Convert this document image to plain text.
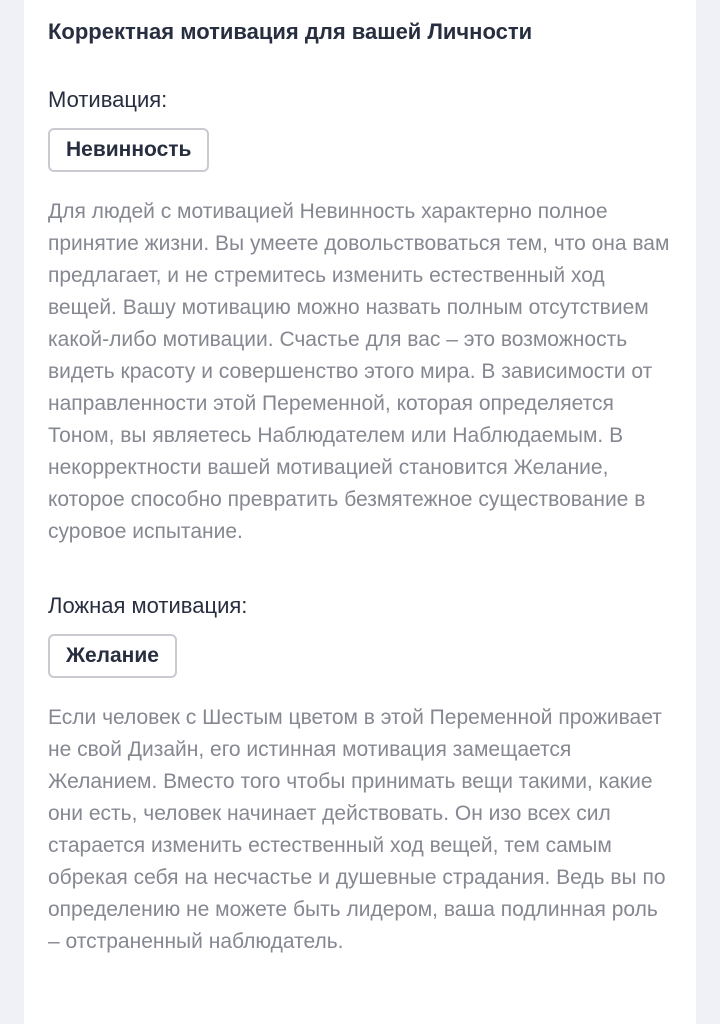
Корректная мотивация для вашей Личности
Мотивация:
Невинность

Для людей с мотивацией Невинность характерно полное принятие жизни. Вы умеете довольствоваться тем, что она вам предлагает, и не стремитесь изменить естественный ход вещей. Вашу мотивацию можно назвать полным отсутствием какой-либо мотивации. Счастье для вас – это возможность видеть красоту и совершенство этого мира. В зависимости от направленности этой Переменной, которая определяется Тоном, вы являетесь Наблюдателем или Наблюдаемым. В некорректности вашей мотивацией становится Желание, которое способно превратить безмятежное существование в суровое испытание.

Ложная мотивация:
Желание

Если человек с Шестым цветом в этой Переменной проживает не свой Дизайн, его истинная мотивация замещается Желанием. Вместо того чтобы принимать вещи такими, какие они есть, человек начинает действовать. Он изо всех сил старается изменить естественный ход вещей, тем самым обрекая себя на несчастье и душевные страдания. Ведь вы по определению не можете быть лидером, ваша подлинная роль – отстраненный наблюдатель.
